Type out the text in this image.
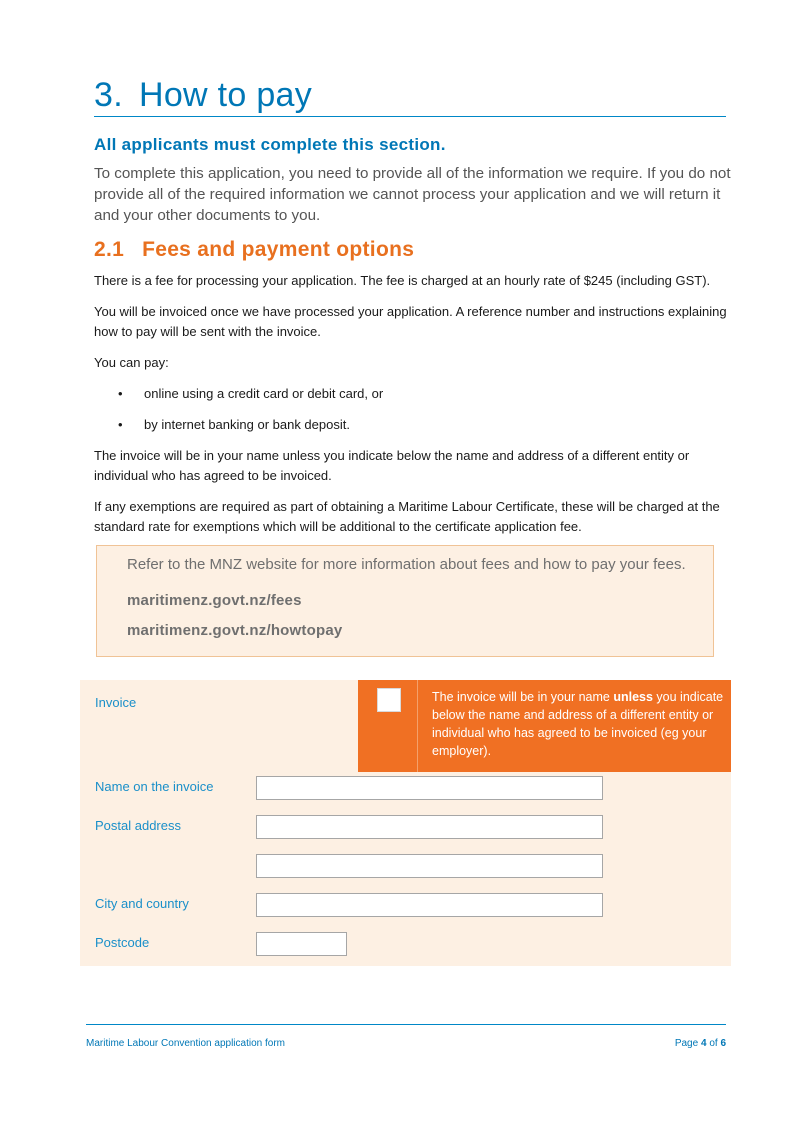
3. How to pay
All applicants must complete this section.
To complete this application, you need to provide all of the information we require. If you do not provide all of the required information we cannot process your application and we will return it and your other documents to you.
2.1 Fees and payment options
There is a fee for processing your application. The fee is charged at an hourly rate of $245 (including GST).
You will be invoiced once we have processed your application. A reference number and instructions explaining how to pay will be sent with the invoice.
You can pay:
• online using a credit card or debit card, or
• by internet banking or bank deposit.
The invoice will be in your name unless you indicate below the name and address of a different entity or individual who has agreed to be invoiced.
If any exemptions are required as part of obtaining a Maritime Labour Certificate, these will be charged at the standard rate for exemptions which will be additional to the certificate application fee.
Refer to the MNZ website for more information about fees and how to pay your fees.
maritimenz.govt.nz/fees
maritimenz.govt.nz/howtopay
The invoice will be in your name unless you indicate below the name and address of a different entity or individual who has agreed to be invoiced (eg your employer).
Invoice
Name on the invoice
Postal address
City and country
Postcode
Maritime Labour Convention application form	Page 4 of 6
